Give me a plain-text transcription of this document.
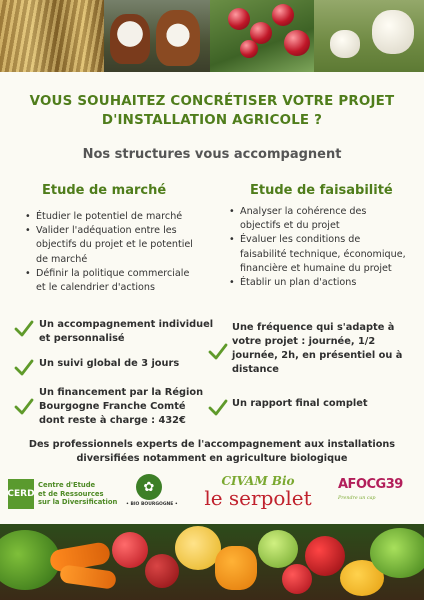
VOUS SOUHAITEZ CONCRÉTISER VOTRE PROJET
D'INSTALLATION AGRICOLE ?
Nos structures vous accompagnent
Etude de marché	Etude de faisabilité
• Étudier le potentiel de marché
• Valider l'adéquation entre les objectifs du projet et le potentiel de marché
• Définir la politique commerciale et le calendrier d'actions
• Analyser la cohérence des objectifs et du projet
• Évaluer les conditions de faisabilité technique, économique, financière et humaine du projet
• Établir un plan d'actions
Un accompagnement individuel et personnalisé
Un suivi global de 3 jours
Un financement par la Région Bourgogne Franche Comté dont reste à charge : 432€
Une fréquence qui s'adapte à votre projet : journée, 1/2 journée, 2h, en présentiel ou à distance
Un rapport final complet
Des professionnels experts de l'accompagnement aux installations
diversifiées notamment en agriculture biologique
CERD
Centre d'Etude
et de Ressources
sur la Diversification
✿
• BIO BOURGOGNE •
CIVAM Bio
le serpolet
AFOCG39
Prendre un cap
